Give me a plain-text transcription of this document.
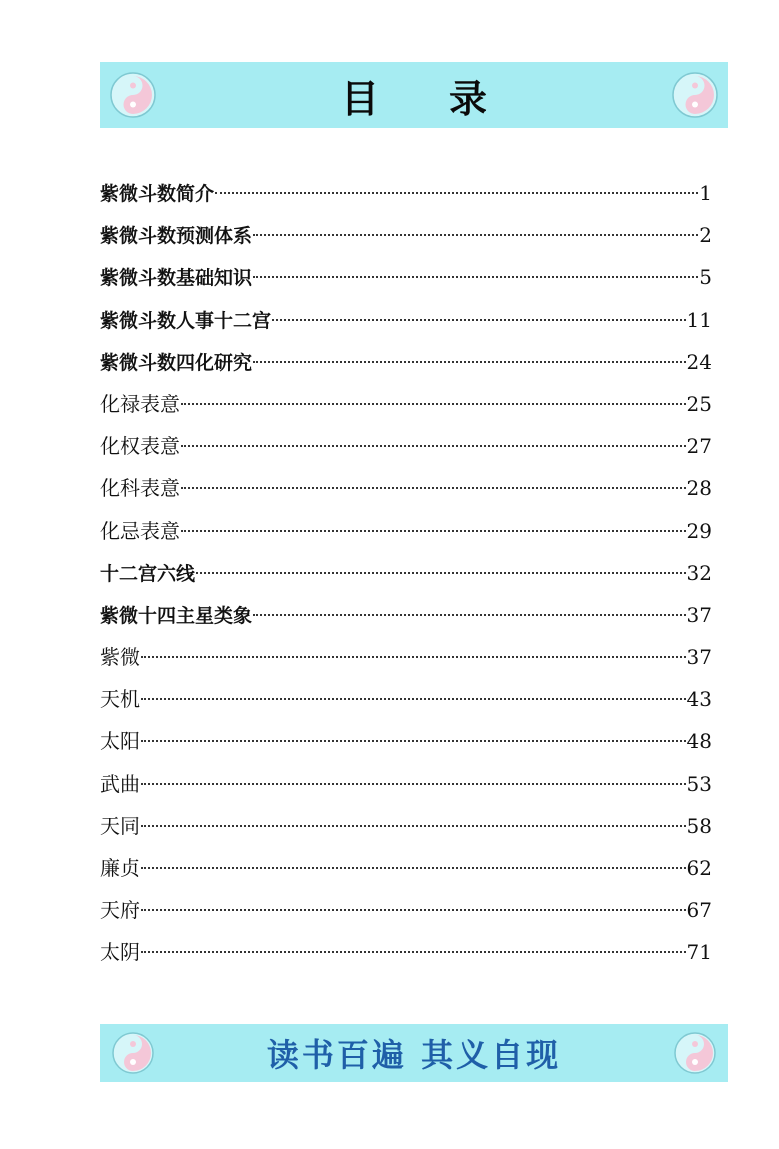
目录
紫微斗数简介	1
紫微斗数预测体系	2
紫微斗数基础知识	5
紫微斗数人事十二宫	11
紫微斗数四化研究	24
化禄表意	25
化权表意	27
化科表意	28
化忌表意	29
十二宫六线	32
紫微十四主星类象	37
紫微	37
天机	43
太阳	48
武曲	53
天同	58
廉贞	62
天府	67
太阴	71
读书百遍 其义自现
